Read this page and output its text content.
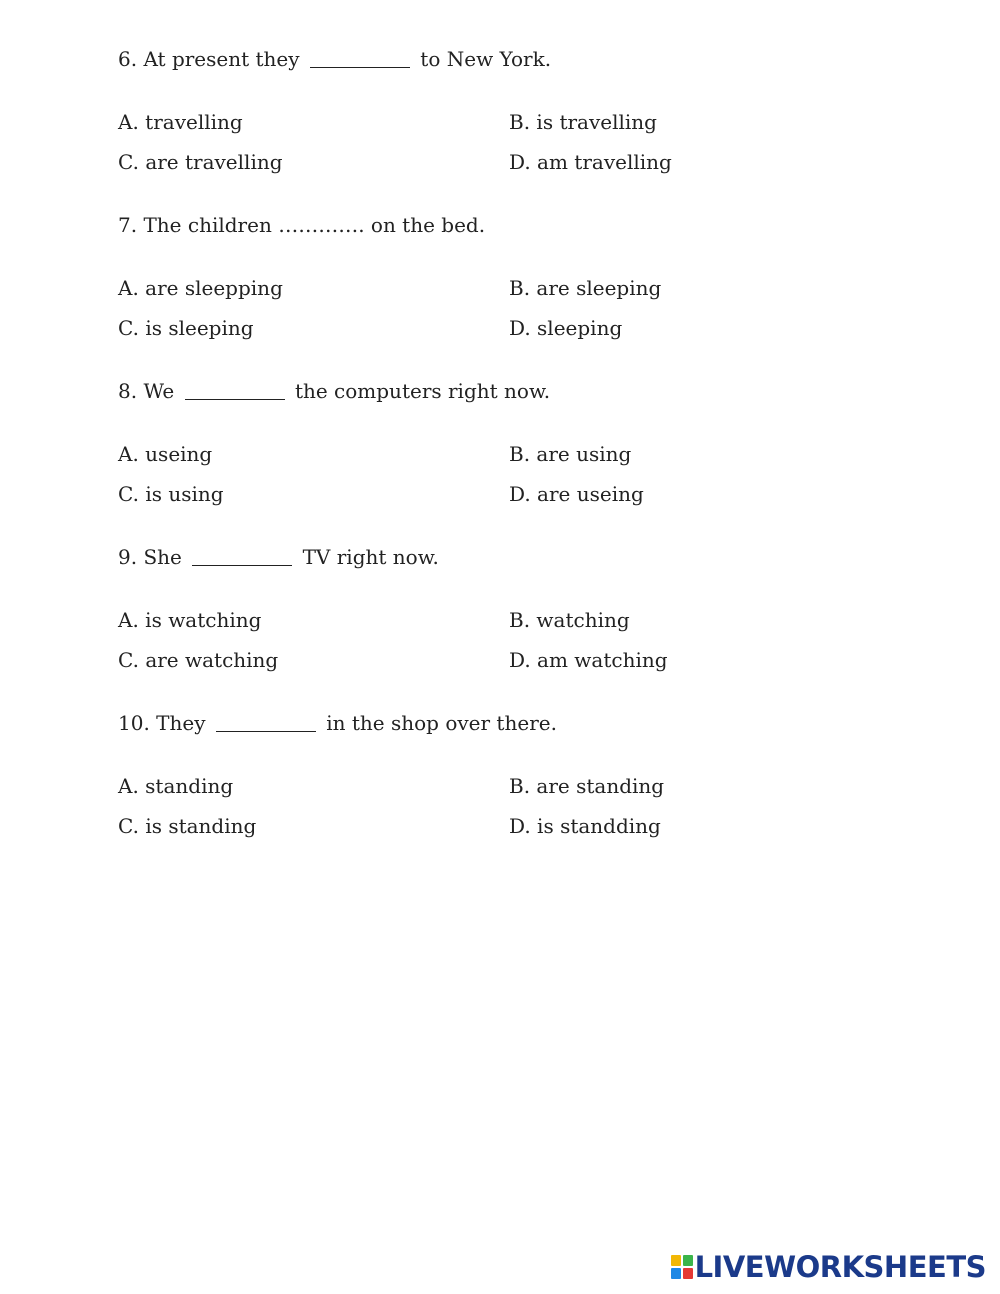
6. At present they	to New York.
A. travelling	B. is travelling
C. are travelling	D. am travelling
7. The children …………. on the bed.
A. are sleepping	B. are sleeping
C. is sleeping	D. sleeping
8. We	the computers right now.
A. useing	B. are using
C. is using	D. are useing
9. She	TV right now.
A. is watching	B. watching
C. are watching	D. am watching
10. They	in the shop over there.
A. standing	B. are standing
C. is standing	D. is standding
LIVEWORKSHEETS
